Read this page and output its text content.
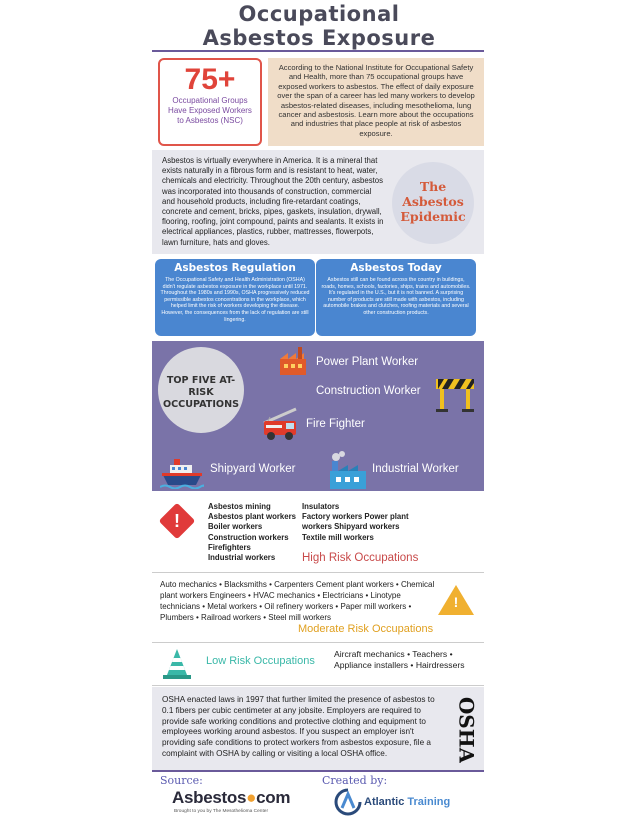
Occupational
Asbestos Exposure
75+
Occupational Groups Have Exposed Workers to Asbestos (NSC)

According to the National Institute for Occupational Safety and Health, more than 75 occupational groups have exposed workers to asbestos. The effect of daily exposure over the span of a career has led many workers to develop asbestos-related diseases, including mesothelioma, lung cancer and asbestosis. Learn more about the occupations and industries that place people at risk of asbestos exposure.

Asbestos is virtually everywhere in America. It is a mineral that exists naturally in a fibrous form and is resistant to heat, water, chemicals and electricity. Throughout the 20th century, asbestos was incorporated into thousands of construction, commercial and household products, including fire-retardant coatings, concrete and cement, bricks, pipes, gaskets, insulation, drywall, flooring, roofing, joint compound, paints and sealants. It exists in electrical appliances, plastics, rubber, mattresses, flowerpots, lawn furniture, hats and gloves.

The
Asbestos
Epidemic
Asbestos Regulation
The Occupational Safety and Health Administration (OSHA) didn't regulate asbestos exposure in the workplace until 1971. Throughout the 1980s and 1990s, OSHA progressively reduced permissible asbestos concentrations in the workplace, which helped limit the risk of workers developing the disease. However, the consequences from the lack of regulation are still lingering.
Asbestos Today
Asbestos still can be found across the country in buildings, roads, homes, schools, factories, ships, trains and automobiles. It's regulated in the U.S., but it is not banned. A surprising number of products are still made with asbestos, including automobile brakes and clutches, roofing materials and several other construction products.
TOP FIVE AT-RISK
OCCUPATIONS
Power Plant Worker
Construction Worker
Fire Fighter
Shipyard Worker	Industrial Worker
!
Asbestos mining
Asbestos plant workers
Boiler workers
Construction workers
Firefighters
Industrial workers
Insulators
Factory workers Power plant
workers Shipyard workers
Textile mill workers
High Risk Occupations

Auto mechanics • Blacksmiths • Carpenters Cement plant workers • Chemical plant workers Engineers • HVAC mechanics • Electricians • Linotype technicians • Metal workers • Oil refinery workers • Paper mill workers • Plumbers • Railroad workers • Steel mill workers

!
Moderate Risk Occupations
Low Risk Occupations
Aircraft mechanics • Teachers •
Appliance installers • Hairdressers

OSHA enacted laws in 1997 that further limited the presence of asbestos to 0.1 fibers per cubic centimeter at any jobsite. Employers are required to provide safe working conditions and protective clothing and equipment to employees working around asbestos. If you suspect an employer isn't providing safe conditions to protect workers from asbestos exposure, file a complaint with OSHA by calling or visiting a local OSHA office.	OSHA
Source:	Created by:
Asbestos●com
Brought to you by The Mesothelioma Center
Atlantic Training
